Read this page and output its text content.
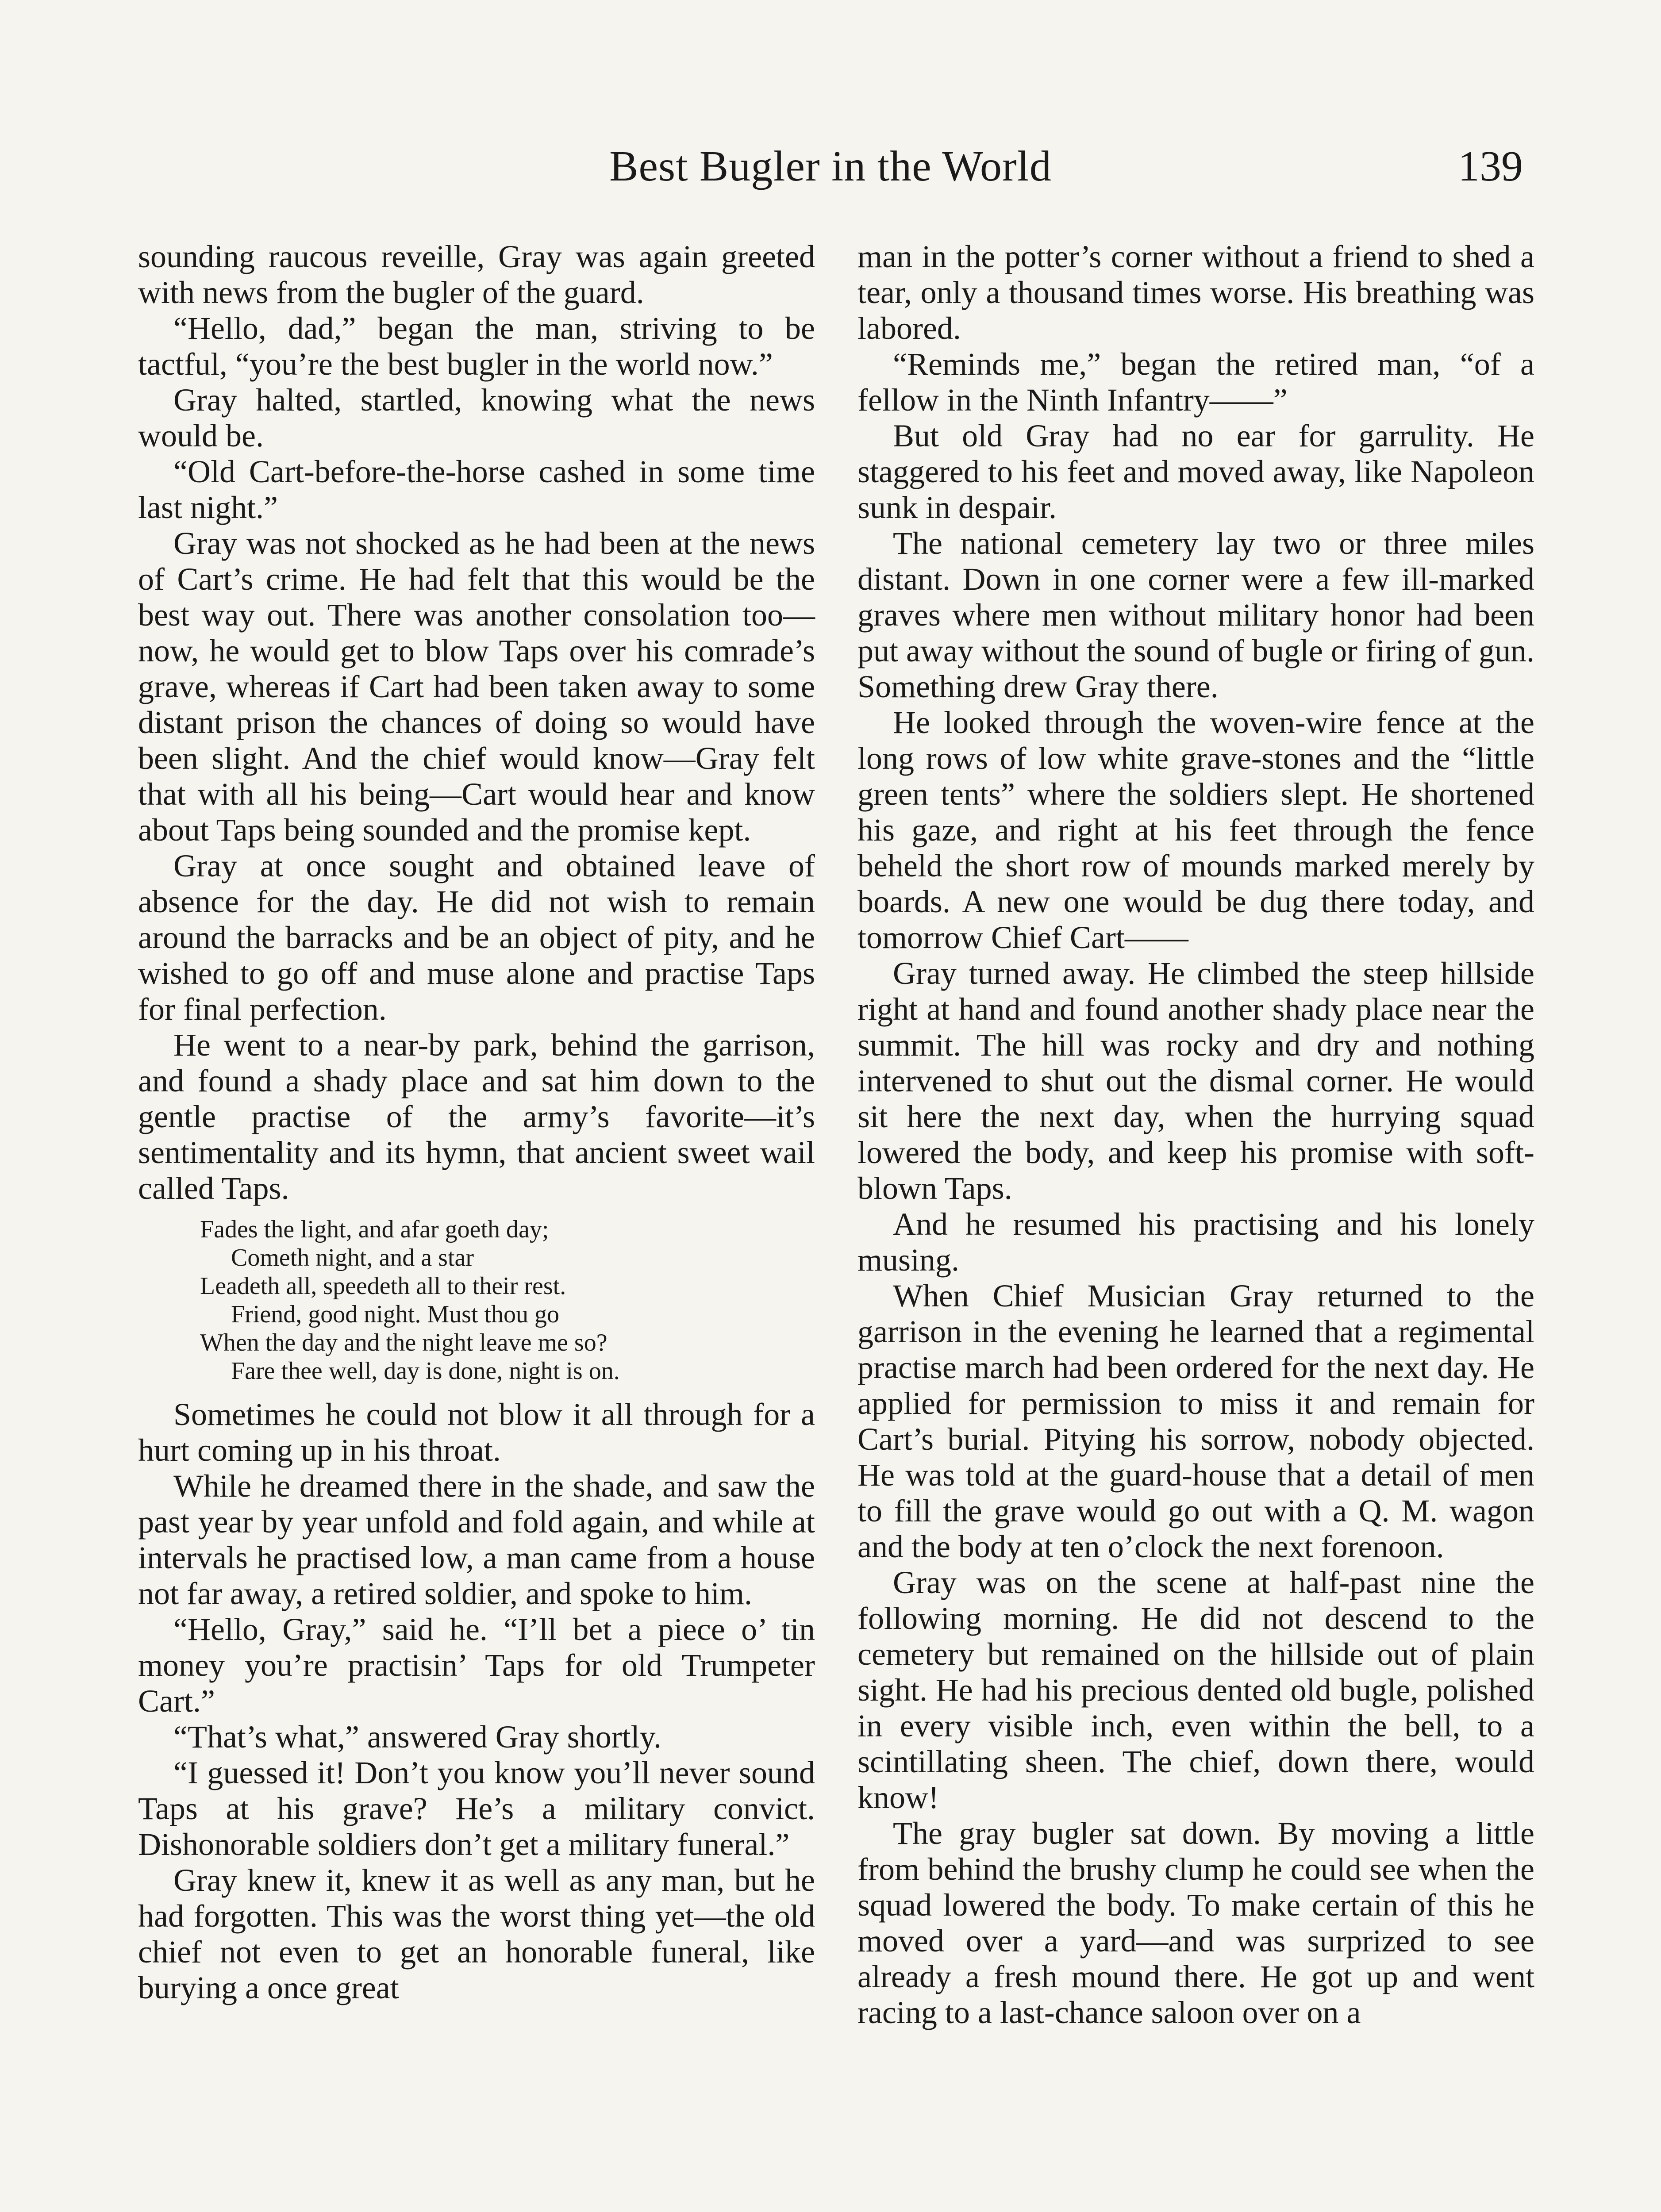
Best Bugler in the World	139

sounding raucous reveille, Gray was again greeted with news from the bugler of the guard.

“Hello, dad,” began the man, striving to be tactful, “you’re the best bugler in the world now.”

Gray halted, startled, knowing what the news would be.

“Old Cart-before-the-horse cashed in some time last night.”

Gray was not shocked as he had been at the news of Cart’s crime. He had felt that this would be the best way out. There was another consolation too—now, he would get to blow Taps over his comrade’s grave, whereas if Cart had been taken away to some distant prison the chances of doing so would have been slight. And the chief would know—Gray felt that with all his being—Cart would hear and know about Taps being sounded and the promise kept.

Gray at once sought and obtained leave of absence for the day. He did not wish to remain around the barracks and be an object of pity, and he wished to go off and muse alone and practise Taps for final perfection.

He went to a near-by park, behind the garrison, and found a shady place and sat him down to the gentle practise of the army’s favorite—it’s sentimentality and its hymn, that ancient sweet wail called Taps.

Fades the light, and afar goeth day;
Cometh night, and a star
Leadeth all, speedeth all to their rest.
Friend, good night. Must thou go
When the day and the night leave me so?
Fare thee well, day is done, night is on.

Sometimes he could not blow it all through for a hurt coming up in his throat.

While he dreamed there in the shade, and saw the past year by year unfold and fold again, and while at intervals he practised low, a man came from a house not far away, a retired soldier, and spoke to him.

“Hello, Gray,” said he. “I’ll bet a piece o’ tin money you’re practisin’ Taps for old Trumpeter Cart.”

“That’s what,” answered Gray shortly.

“I guessed it! Don’t you know you’ll never sound Taps at his grave? He’s a military convict. Dishonorable soldiers don’t get a military funeral.”

Gray knew it, knew it as well as any man, but he had forgotten. This was the worst thing yet—the old chief not even to get an honorable funeral, like burying a once great

man in the potter’s corner without a friend to shed a tear, only a thousand times worse. His breathing was labored.

“Reminds me,” began the retired man, “of a fellow in the Ninth Infantry——”

But old Gray had no ear for garrulity. He staggered to his feet and moved away, like Napoleon sunk in despair.

The national cemetery lay two or three miles distant. Down in one corner were a few ill-marked graves where men without military honor had been put away without the sound of bugle or firing of gun. Something drew Gray there.

He looked through the woven-wire fence at the long rows of low white grave-stones and the “little green tents” where the soldiers slept. He shortened his gaze, and right at his feet through the fence beheld the short row of mounds marked merely by boards. A new one would be dug there today, and tomorrow Chief Cart——

Gray turned away. He climbed the steep hillside right at hand and found another shady place near the summit. The hill was rocky and dry and nothing intervened to shut out the dismal corner. He would sit here the next day, when the hurrying squad lowered the body, and keep his promise with soft-blown Taps.

And he resumed his practising and his lonely musing.

When Chief Musician Gray returned to the garrison in the evening he learned that a regimental practise march had been ordered for the next day. He applied for permission to miss it and remain for Cart’s burial. Pitying his sorrow, nobody objected. He was told at the guard-house that a detail of men to fill the grave would go out with a Q. M. wagon and the body at ten o’clock the next forenoon.

Gray was on the scene at half-past nine the following morning. He did not descend to the cemetery but remained on the hillside out of plain sight. He had his precious dented old bugle, polished in every visible inch, even within the bell, to a scintillating sheen. The chief, down there, would know!

The gray bugler sat down. By moving a little from behind the brushy clump he could see when the squad lowered the body. To make certain of this he moved over a yard—and was surprized to see already a fresh mound there. He got up and went racing to a last-chance saloon over on a
